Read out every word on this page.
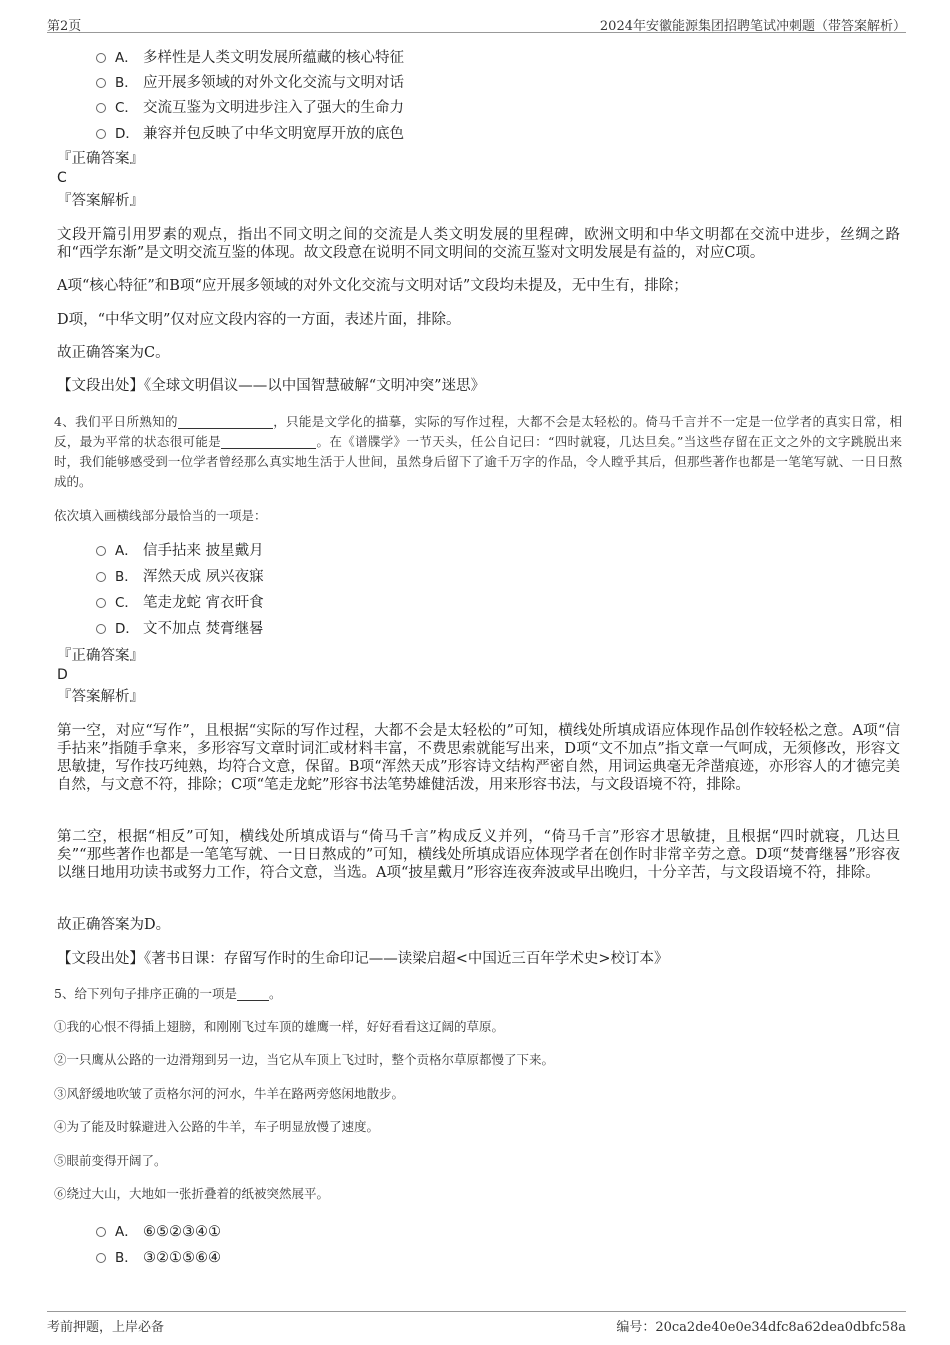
第2页	2024年安徽能源集团招聘笔试冲刺题（带答案解析）
A． 多样性是人类文明发展所蕴藏的核心特征
B． 应开展多领域的对外文化交流与文明对话
C． 交流互鉴为文明进步注入了强大的生命力
D． 兼容并包反映了中华文明宽厚开放的底色
『正确答案』
C
『答案解析』
文段开篇引用罗素的观点，指出不同文明之间的交流是人类文明发展的里程碑，欧洲文明和中华文明都在交流中进步，丝绸之路和“西学东渐”是文明交流互鉴的体现。故文段意在说明不同文明间的交流互鉴对文明发展是有益的，对应C项。
A项“核心特征”和B项“应开展多领域的对外文化交流与文明对话”文段均未提及，无中生有，排除；
D项，“中华文明”仅对应文段内容的一方面，表述片面，排除。
故正确答案为C。
【文段出处】《全球文明倡议——以中国智慧破解“文明冲突”迷思》
4、我们平日所熟知的	，只能是文学化的描摹，实际的写作过程，大都不会是太轻松的。倚马千言并不一定是一位学者的真实日常，相反，最为平常的状态很可能是	。在《谱牒学》一节天头，任公自记曰：“四时就寝，几达旦矣。”当这些存留在正文之外的文字跳脱出来时，我们能够感受到一位学者曾经那么真实地生活于人世间，虽然身后留下了逾千万字的作品，令人瞠乎其后，但那些著作也都是一笔笔写就、一日日熬成的。
依次填入画横线部分最恰当的一项是：
A． 信手拈来 披星戴月
B． 浑然天成 夙兴夜寐
C． 笔走龙蛇 宵衣旰食
D． 文不加点 焚膏继晷
『正确答案』
D
『答案解析』
第一空，对应“写作”，且根据“实际的写作过程，大都不会是太轻松的”可知，横线处所填成语应体现作品创作较轻松之意。A项“信手拈来”指随手拿来，多形容写文章时词汇或材料丰富，不费思索就能写出来，D项“文不加点”指文章一气呵成，无须修改，形容文思敏捷，写作技巧纯熟，均符合文意，保留。B项“浑然天成”形容诗文结构严密自然，用词运典毫无斧凿痕迹，亦形容人的才德完美自然，与文意不符，排除；C项“笔走龙蛇”形容书法笔势雄健活泼，用来形容书法，与文段语境不符，排除。
第二空，根据“相反”可知，横线处所填成语与“倚马千言”构成反义并列，“倚马千言”形容才思敏捷，且根据“四时就寝，几达旦矣”“那些著作也都是一笔笔写就、一日日熬成的”可知，横线处所填成语应体现学者在创作时非常辛劳之意。D项“焚膏继晷”形容夜以继日地用功读书或努力工作，符合文意，当选。A项“披星戴月”形容连夜奔波或早出晚归，十分辛苦，与文段语境不符，排除。
故正确答案为D。
【文段出处】《著书日课：存留写作时的生命印记——读梁启超<中国近三百年学术史>校订本》
5、给下列句子排序正确的一项是	。
①我的心恨不得插上翅膀，和刚刚飞过车顶的雄鹰一样，好好看看这辽阔的草原。
②一只鹰从公路的一边滑翔到另一边，当它从车顶上飞过时，整个贡格尔草原都慢了下来。
③风舒缓地吹皱了贡格尔河的河水，牛羊在路两旁悠闲地散步。
④为了能及时躲避进入公路的牛羊，车子明显放慢了速度。
⑤眼前变得开阔了。
⑥绕过大山，大地如一张折叠着的纸被突然展平。
A． ⑥⑤②③④①
B． ③②①⑤⑥④
考前押题，上岸必备	编号：20ca2de40e0e34dfc8a62dea0dbfc58a
